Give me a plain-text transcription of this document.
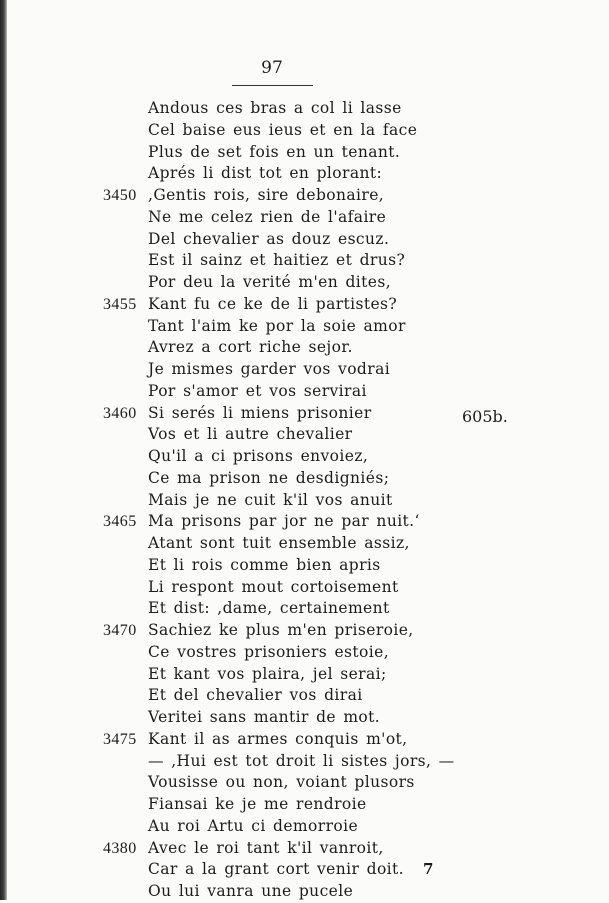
97
Andous ces bras a col li lasse
Cel baise eus ieus et en la face
Plus de set fois en un tenant.
Aprés li dist tot en plorant:
3450 ,Gentis rois, sire debonaire,
Ne me celez rien de l'afaire
Del chevalier as douz escuz.
Est il sainz et haitiez et drus?
Por deu la verité m'en dites,
3455 Kant fu ce ke de li partistes?
Tant l'aim ke por la soie amor
Avrez a cort riche sejor.
Je mismes garder vos vodrai
Por s'amor et vos servirai
3460 Si serés li miens prisonier
Vos et li autre chevalier
Qu'il a ci prisons envoiez,
Ce ma prison ne desdigniés;
Mais je ne cuit k'il vos anuit
3465 Ma prisons par jor ne par nuit.‘
Atant sont tuit ensemble assiz,
Et li rois comme bien apris
Li respont mout cortoisement
Et dist: ,dame, certainement
3470 Sachiez ke plus m'en priseroie,
Ce vostres prisoniers estoie,
Et kant vos plaira, jel serai;
Et del chevalier vos dirai
Veritei sans mantir de mot.
3475 Kant il as armes conquis m'ot,
— ,Hui est tot droit li sistes jors, —
Vousisse ou non, voiant plusors
Fiansai ke je me rendroie
Au roi Artu ci demorroie
4380 Avec le roi tant k'il vanroit,
Car a la grant cort venir doit.
Ou lui vanra une pucele
605b.
7
